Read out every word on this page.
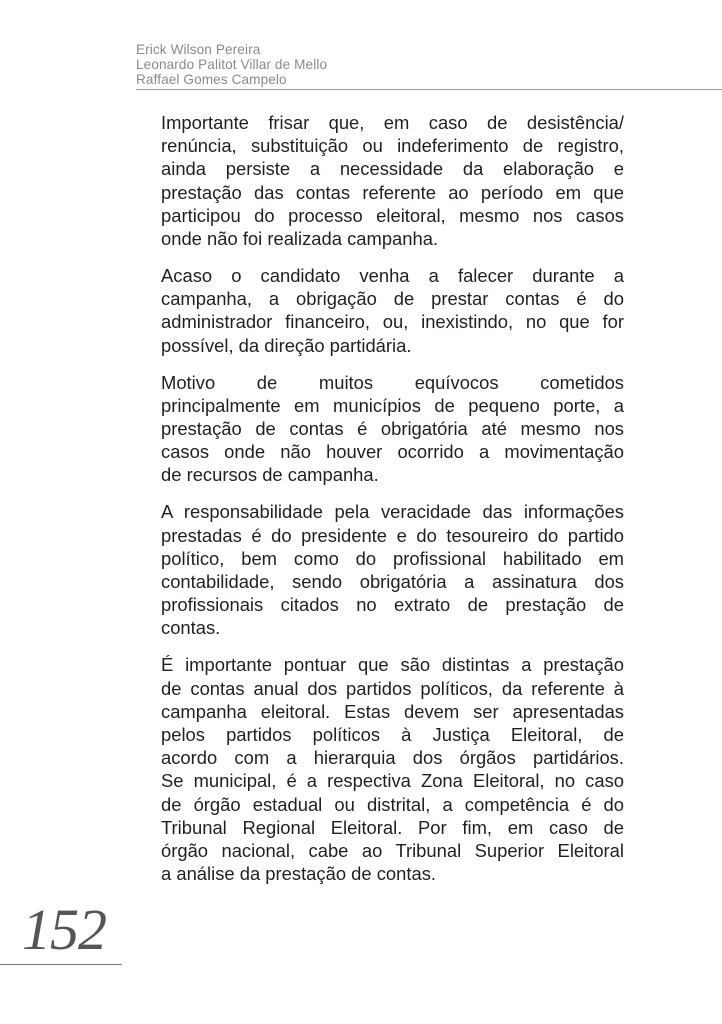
Erick Wilson Pereira
Leonardo Palitot Villar de Mello
Raffael Gomes Campelo

Importante frisar que, em caso de desistência/
renúncia, substituição ou indeferimento de registro,
ainda persiste a necessidade da elaboração e
prestação das contas referente ao período em que
participou do processo eleitoral, mesmo nos casos
onde não foi realizada campanha.

Acaso o candidato venha a falecer durante a
campanha, a obrigação de prestar contas é do
administrador financeiro, ou, inexistindo, no que for
possível, da direção partidária.

Motivo de muitos equívocos cometidos
principalmente em municípios de pequeno porte, a
prestação de contas é obrigatória até mesmo nos
casos onde não houver ocorrido a movimentação
de recursos de campanha.

A responsabilidade pela veracidade das informações
prestadas é do presidente e do tesoureiro do partido
político, bem como do profissional habilitado em
contabilidade, sendo obrigatória a assinatura dos
profissionais citados no extrato de prestação de
contas.

É importante pontuar que são distintas a prestação
de contas anual dos partidos políticos, da referente à
campanha eleitoral. Estas devem ser apresentadas
pelos partidos políticos à Justiça Eleitoral, de
acordo com a hierarquia dos órgãos partidários.
Se municipal, é a respectiva Zona Eleitoral, no caso
de órgão estadual ou distrital, a competência é do
Tribunal Regional Eleitoral. Por fim, em caso de
órgão nacional, cabe ao Tribunal Superior Eleitoral
a análise da prestação de contas.

152
